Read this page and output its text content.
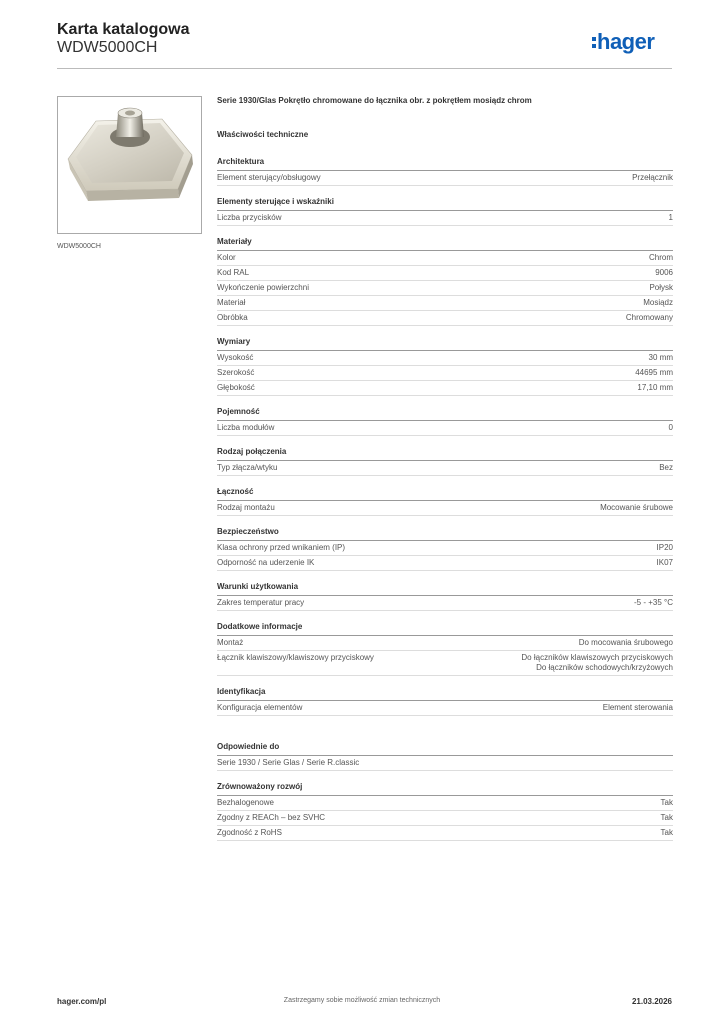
Karta katalogowa
WDW5000CH	hager
WDW5000CH
Serie 1930/Glas Pokrętło chromowane do łącznika obr. z pokrętłem mosiądz chrom
Właściwości techniczne
Architektura
Element sterujący/obsługowy	Przełącznik
Elementy sterujące i wskaźniki
Liczba przycisków	1
Materiały
Kolor	Chrom
Kod RAL	9006
Wykończenie powierzchni	Połysk
Materiał	Mosiądz
Obróbka	Chromowany
Wymiary
Wysokość	30 mm
Szerokość	44695 mm
Głębokość	17,10 mm
Pojemność
Liczba modułów	0
Rodzaj połączenia
Typ złącza/wtyku	Bez
Łączność
Rodzaj montażu	Mocowanie śrubowe
Bezpieczeństwo
Klasa ochrony przed wnikaniem (IP)	IP20
Odporność na uderzenie IK	IK07
Warunki użytkowania
Zakres temperatur pracy	-5 - +35 °C
Dodatkowe informacje
Montaż	Do mocowania śrubowego
Łącznik klawiszowy/klawiszowy przyciskowy	Do łączników klawiszowych przyciskowych
Do łączników schodowych/krzyżowych
Identyfikacja
Konfiguracja elementów	Element sterowania
Odpowiednie do
Serie 1930 / Serie Glas / Serie R.classic
Zrównoważony rozwój
Bezhalogenowe	Tak
Zgodny z REACh – bez SVHC	Tak
Zgodność z RoHS	Tak
hager.com/pl	Zastrzegamy sobie możliwość zmian technicznych	21.03.2026
